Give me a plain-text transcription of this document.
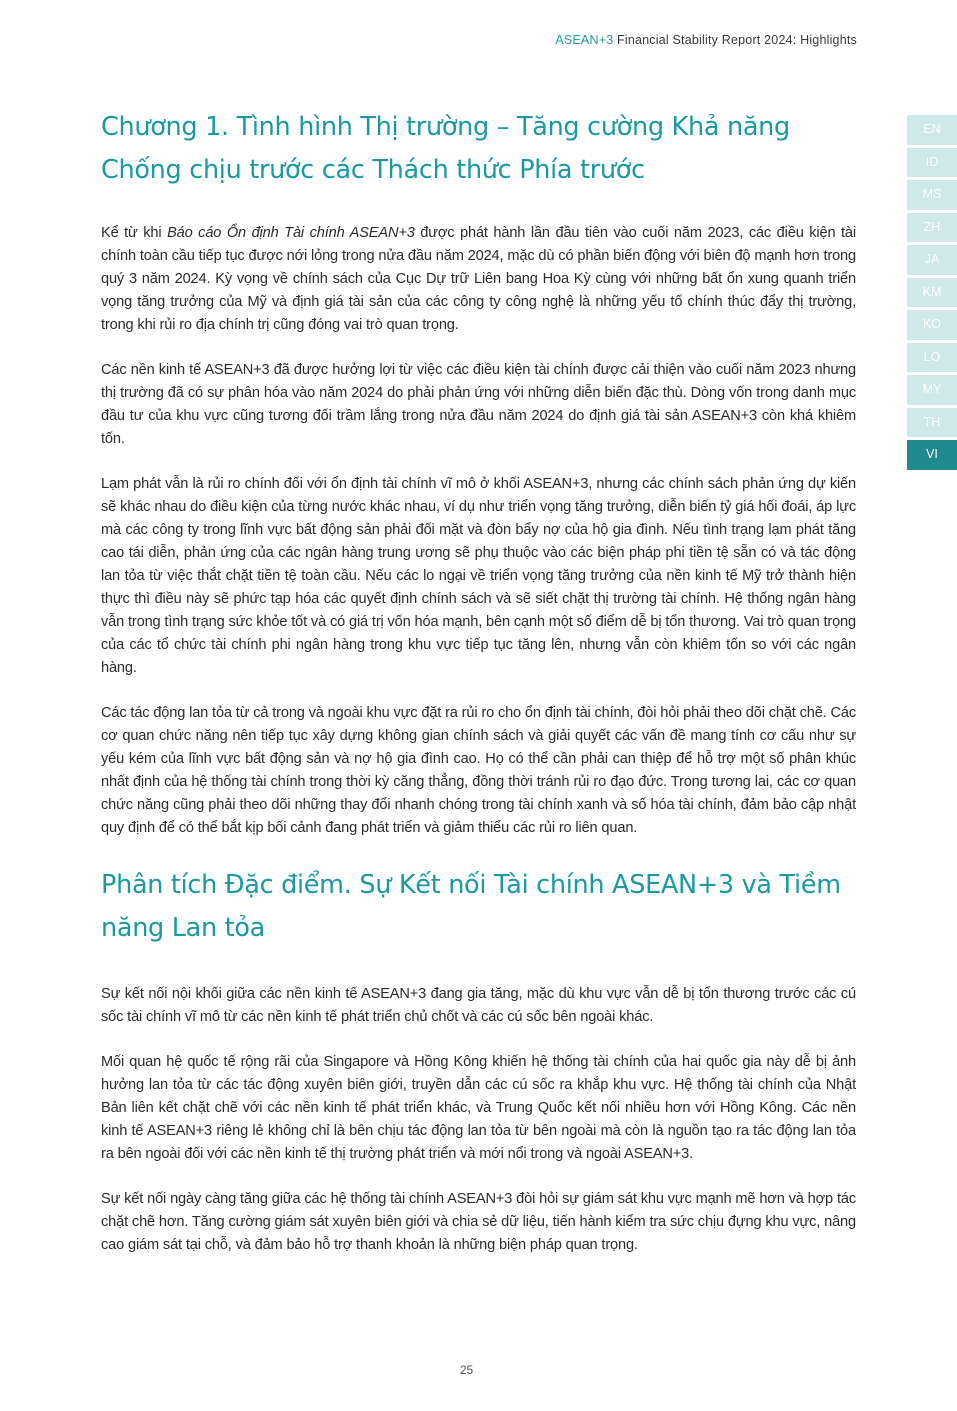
ASEAN+3 Financial Stability Report 2024: Highlights
EN
ID
MS
ZH
JA
KM
KO
LO
MY
TH
VI
Chương 1. Tình hình Thị trường – Tăng cường Khả năng Chống chịu trước các Thách thức Phía trước

Kể từ khi Báo cáo Ổn định Tài chính ASEAN+3 được phát hành lần đầu tiên vào cuối năm 2023, các điều kiện tài chính toàn cầu tiếp tục được nới lỏng trong nửa đầu năm 2024, mặc dù có phần biến động với biên độ mạnh hơn trong quý 3 năm 2024. Kỳ vọng về chính sách của Cục Dự trữ Liên bang Hoa Kỳ cùng với những bất ổn xung quanh triển vọng tăng trưởng của Mỹ và định giá tài sản của các công ty công nghệ là những yếu tố chính thúc đẩy thị trường, trong khi rủi ro địa chính trị cũng đóng vai trò quan trọng.

Các nền kinh tế ASEAN+3 đã được hưởng lợi từ việc các điều kiện tài chính được cải thiện vào cuối năm 2023 nhưng thị trường đã có sự phân hóa vào năm 2024 do phải phản ứng với những diễn biến đặc thù. Dòng vốn trong danh mục đầu tư của khu vực cũng tương đối trầm lắng trong nửa đầu năm 2024 do định giá tài sản ASEAN+3 còn khá khiêm tốn.

Lạm phát vẫn là rủi ro chính đối với ổn định tài chính vĩ mô ở khối ASEAN+3, nhưng các chính sách phản ứng dự kiến sẽ khác nhau do điều kiện của từng nước khác nhau, ví dụ như triển vọng tăng trưởng, diễn biến tỷ giá hối đoái, áp lực mà các công ty trong lĩnh vực bất động sản phải đối mặt và đòn bẩy nợ của hộ gia đình. Nếu tình trạng lạm phát tăng cao tái diễn, phản ứng của các ngân hàng trung ương sẽ phụ thuộc vào các biện pháp phi tiền tệ sẵn có và tác động lan tỏa từ việc thắt chặt tiền tệ toàn cầu. Nếu các lo ngại về triển vọng tăng trưởng của nền kinh tế Mỹ trở thành hiện thực thì điều này sẽ phức tạp hóa các quyết định chính sách và sẽ siết chặt thị trường tài chính. Hệ thống ngân hàng vẫn trong tình trạng sức khỏe tốt và có giá trị vốn hóa mạnh, bên cạnh một số điểm dễ bị tổn thương. Vai trò quan trọng của các tổ chức tài chính phi ngân hàng trong khu vực tiếp tục tăng lên, nhưng vẫn còn khiêm tốn so với các ngân hàng.

Các tác động lan tỏa từ cả trong và ngoài khu vực đặt ra rủi ro cho ổn định tài chính, đòi hỏi phải theo dõi chặt chẽ. Các cơ quan chức năng nên tiếp tục xây dựng không gian chính sách và giải quyết các vấn đề mang tính cơ cấu như sự yếu kém của lĩnh vực bất động sản và nợ hộ gia đình cao. Họ có thể cần phải can thiệp để hỗ trợ một số phân khúc nhất định của hệ thống tài chính trong thời kỳ căng thẳng, đồng thời tránh rủi ro đạo đức. Trong tương lai, các cơ quan chức năng cũng phải theo dõi những thay đổi nhanh chóng trong tài chính xanh và số hóa tài chính, đảm bảo cập nhật quy định để có thể bắt kịp bối cảnh đang phát triển và giảm thiểu các rủi ro liên quan.

Phân tích Đặc điểm. Sự Kết nối Tài chính ASEAN+3 và Tiềm năng Lan tỏa

Sự kết nối nội khối giữa các nền kinh tế ASEAN+3 đang gia tăng, mặc dù khu vực vẫn dễ bị tổn thương trước các cú sốc tài chính vĩ mô từ các nền kinh tế phát triển chủ chốt và các cú sốc bên ngoài khác.

Mối quan hệ quốc tế rộng rãi của Singapore và Hồng Kông khiến hệ thống tài chính của hai quốc gia này dễ bị ảnh hưởng lan tỏa từ các tác động xuyên biên giới, truyền dẫn các cú sốc ra khắp khu vực. Hệ thống tài chính của Nhật Bản liên kết chặt chẽ với các nền kinh tế phát triển khác, và Trung Quốc kết nối nhiều hơn với Hồng Kông. Các nền kinh tế ASEAN+3 riêng lẻ không chỉ là bên chịu tác động lan tỏa từ bên ngoài mà còn là nguồn tạo ra tác động lan tỏa ra bên ngoài đối với các nền kinh tế thị trường phát triển và mới nổi trong và ngoài ASEAN+3.

Sự kết nối ngày càng tăng giữa các hệ thống tài chính ASEAN+3 đòi hỏi sự giám sát khu vực mạnh mẽ hơn và hợp tác chặt chẽ hơn. Tăng cường giám sát xuyên biên giới và chia sẻ dữ liệu, tiến hành kiểm tra sức chịu đựng khu vực, nâng cao giám sát tại chỗ, và đảm bảo hỗ trợ thanh khoản là những biện pháp quan trọng.

25
